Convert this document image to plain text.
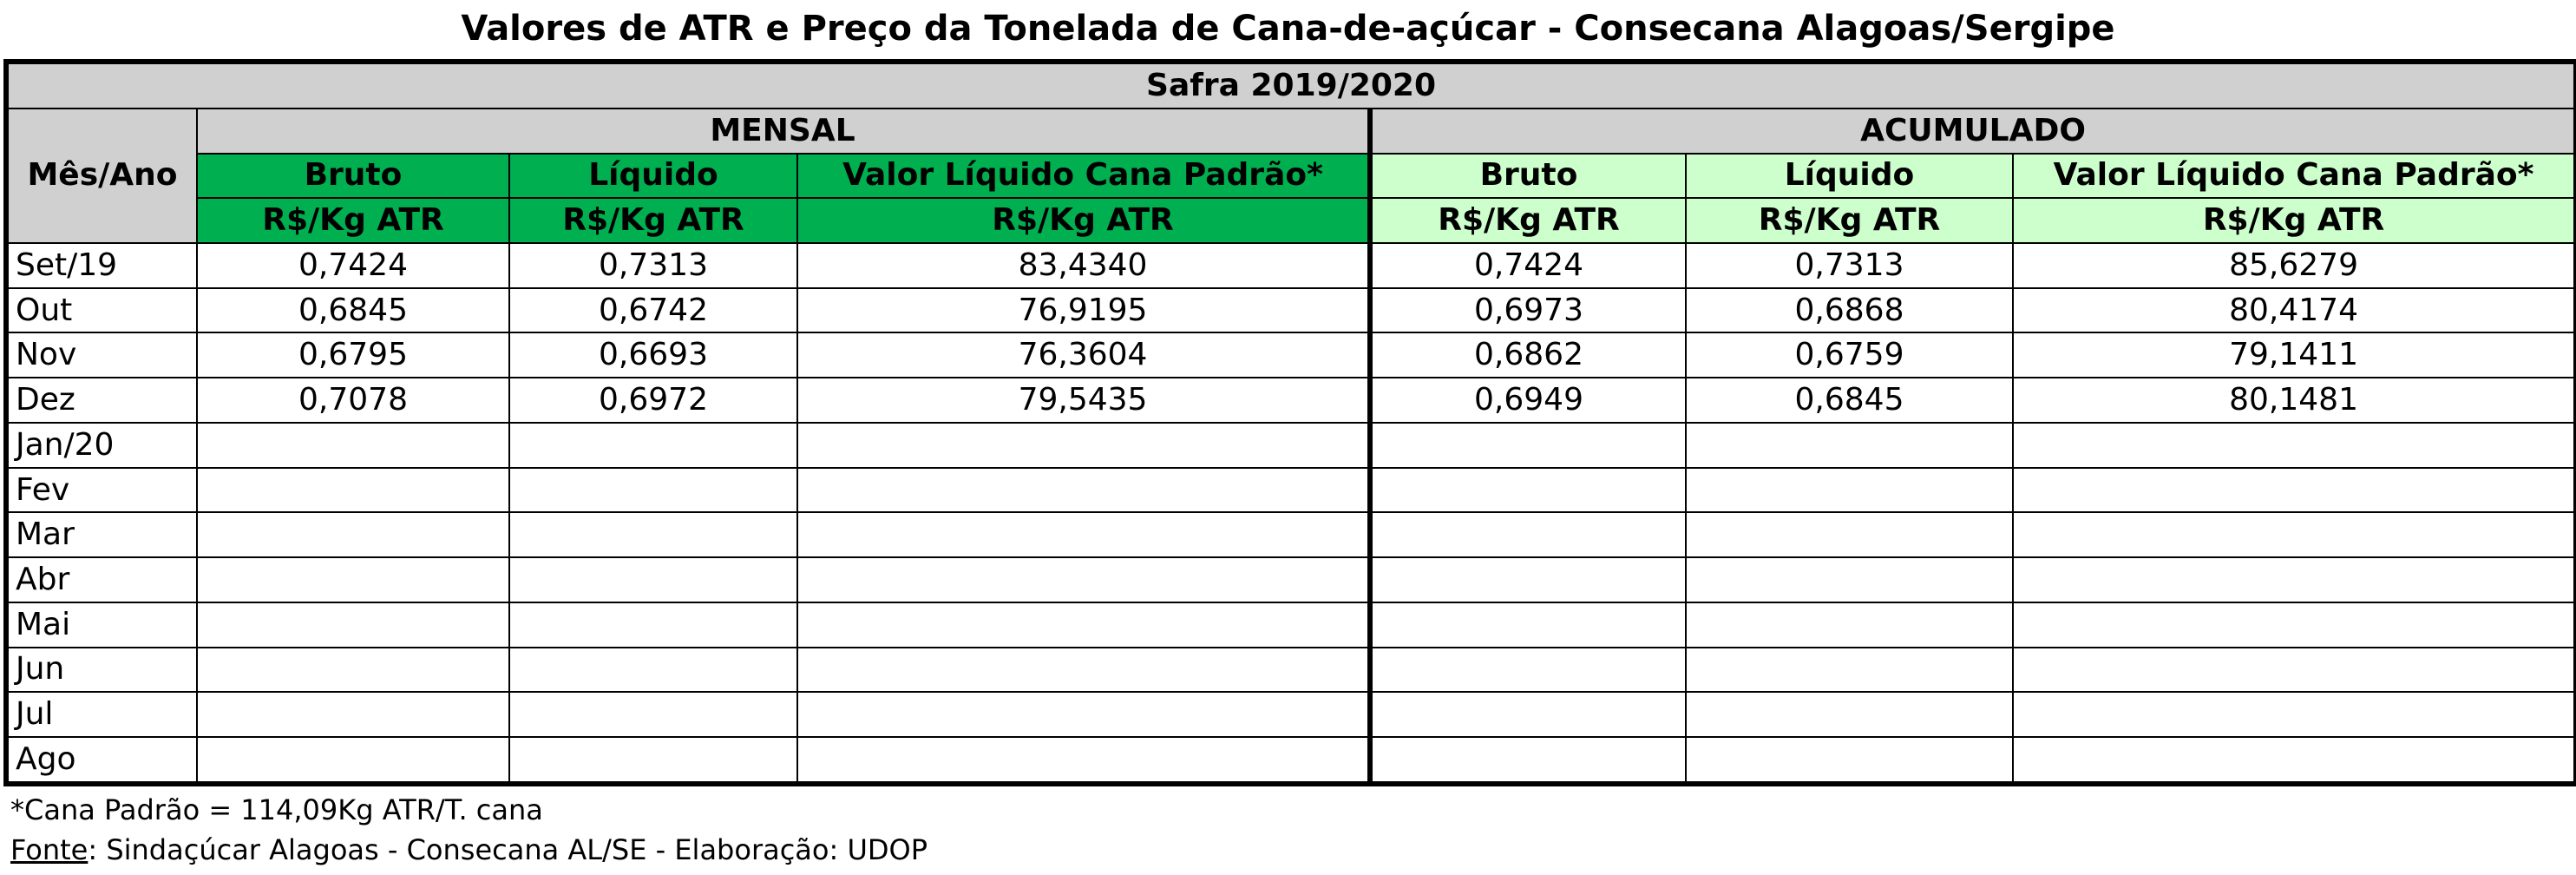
Valores de ATR e Preço da Tonelada de Cana-de-açúcar - Consecana Alagoas/Sergipe
Safra 2019/2020						
Mês/Ano	MENSAL			ACUMULADO		
	Bruto	Líquido	Valor Líquido Cana Padrão*	Bruto	Líquido	Valor Líquido Cana Padrão*
	R$/Kg ATR	R$/Kg ATR	R$/Kg ATR	R$/Kg ATR	R$/Kg ATR	R$/Kg ATR
Set/19	0,7424	0,7313	83,4340	0,7424	0,7313	85,6279
Out	0,6845	0,6742	76,9195	0,6973	0,6868	80,4174
Nov	0,6795	0,6693	76,3604	0,6862	0,6759	79,1411
Dez	0,7078	0,6972	79,5435	0,6949	0,6845	80,1481
Jan/20						
Fev						
Mar						
Abr						
Mai						
Jun						
Jul						
Ago						
*Cana Padrão = 114,09Kg ATR/T. cana
Fonte: Sindaçúcar Alagoas - Consecana AL/SE - Elaboração: UDOP
